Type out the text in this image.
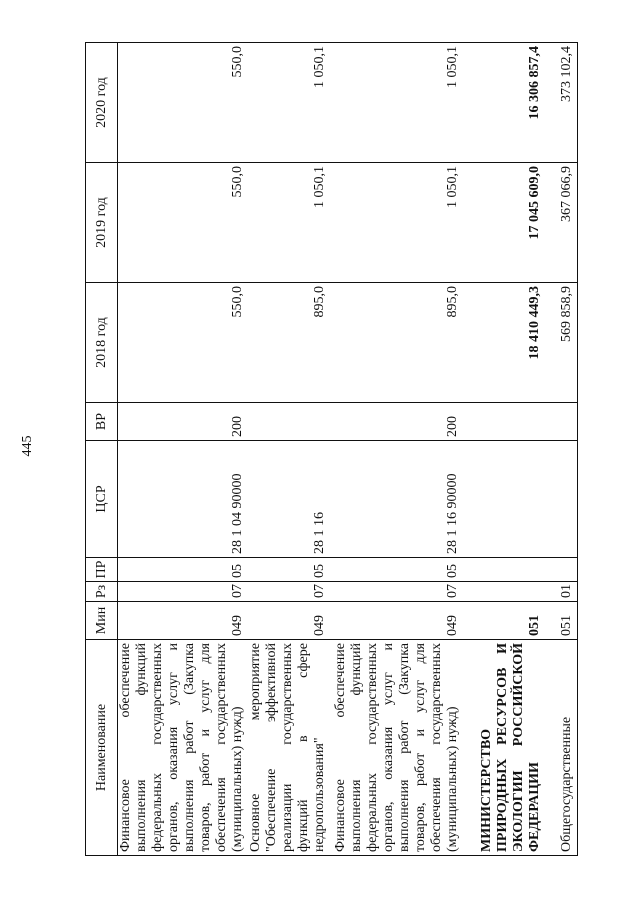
445
Наименование	Мин	Рз	ПР	ЦСР	ВР	2018 год	2019 год	2020 год
Финансовое обеспечение выполнения функций федеральных государственных органов, оказания услуг и выполнения работ (Закупка товаров, работ и услуг для обеспечения государственных (муниципальных) нужд)	049	07	05	28 1 04 90000	200	550,0	550,0	550,0
Основное мероприятие "Обеспечение эффективной реализации государственных функций в сфере недропользования"	049	07	05	28 1 16		895,0	1 050,1	1 050,1
Финансовое обеспечение выполнения функций федеральных государственных органов, оказания услуг и выполнения работ (Закупка товаров, работ и услуг для обеспечения государственных (муниципальных) нужд)	049	07	05	28 1 16 90000	200	895,0	1 050,1	1 050,1
МИНИСТЕРСТВО ПРИРОДНЫХ РЕСУРСОВ И ЭКОЛОГИИ РОССИЙСКОЙ ФЕДЕРАЦИИ	051					18 410 449,3	17 045 609,0	16 306 857,4
Общегосударственные	051	01				569 858,9	367 066,9	373 102,4
